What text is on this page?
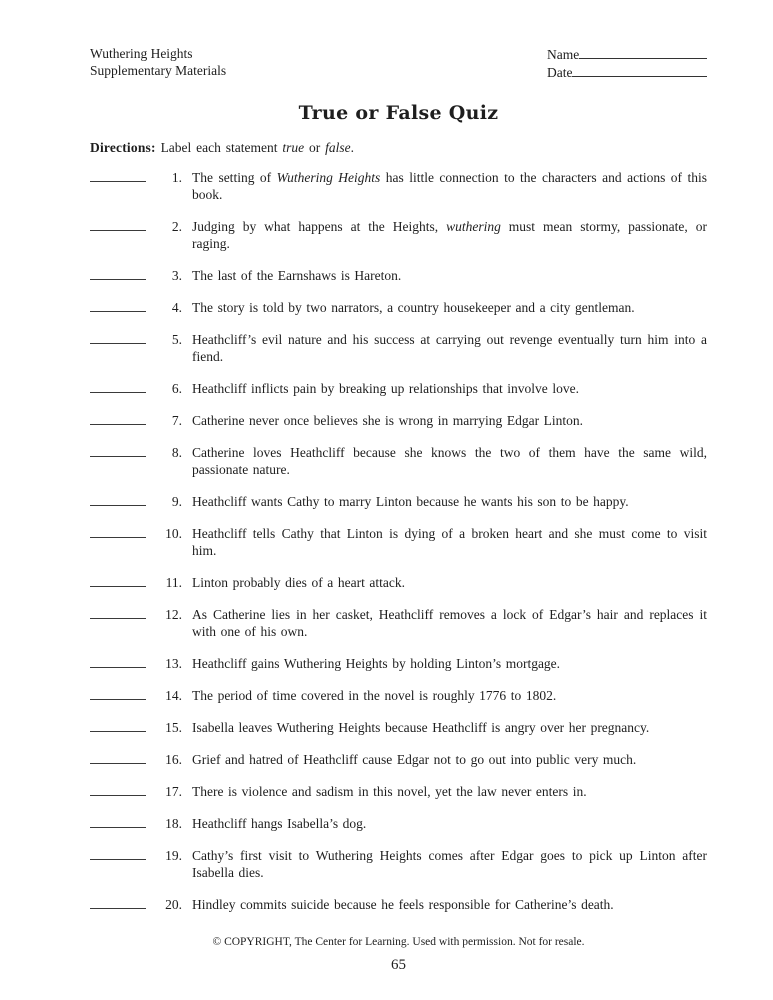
Wuthering Heights
Supplementary Materials
Name
Date
True or False Quiz
Directions: Label each statement true or false.
1. The setting of Wuthering Heights has little connection to the characters and actions of this book.
2. Judging by what happens at the Heights, wuthering must mean stormy, passionate, or raging.
3. The last of the Earnshaws is Hareton.
4. The story is told by two narrators, a country housekeeper and a city gentleman.
5. Heathcliff’s evil nature and his success at carrying out revenge eventually turn him into a fiend.
6. Heathcliff inflicts pain by breaking up relationships that involve love.
7. Catherine never once believes she is wrong in marrying Edgar Linton.
8. Catherine loves Heathcliff because she knows the two of them have the same wild, passionate nature.
9. Heathcliff wants Cathy to marry Linton because he wants his son to be happy.
10. Heathcliff tells Cathy that Linton is dying of a broken heart and she must come to visit him.
11. Linton probably dies of a heart attack.
12. As Catherine lies in her casket, Heathcliff removes a lock of Edgar’s hair and replaces it with one of his own.
13. Heathcliff gains Wuthering Heights by holding Linton’s mortgage.
14. The period of time covered in the novel is roughly 1776 to 1802.
15. Isabella leaves Wuthering Heights because Heathcliff is angry over her pregnancy.
16. Grief and hatred of Heathcliff cause Edgar not to go out into public very much.
17. There is violence and sadism in this novel, yet the law never enters in.
18. Heathcliff hangs Isabella’s dog.
19. Cathy’s first visit to Wuthering Heights comes after Edgar goes to pick up Linton after Isabella dies.
20. Hindley commits suicide because he feels responsible for Catherine’s death.
© COPYRIGHT, The Center for Learning. Used with permission. Not for resale.
65
